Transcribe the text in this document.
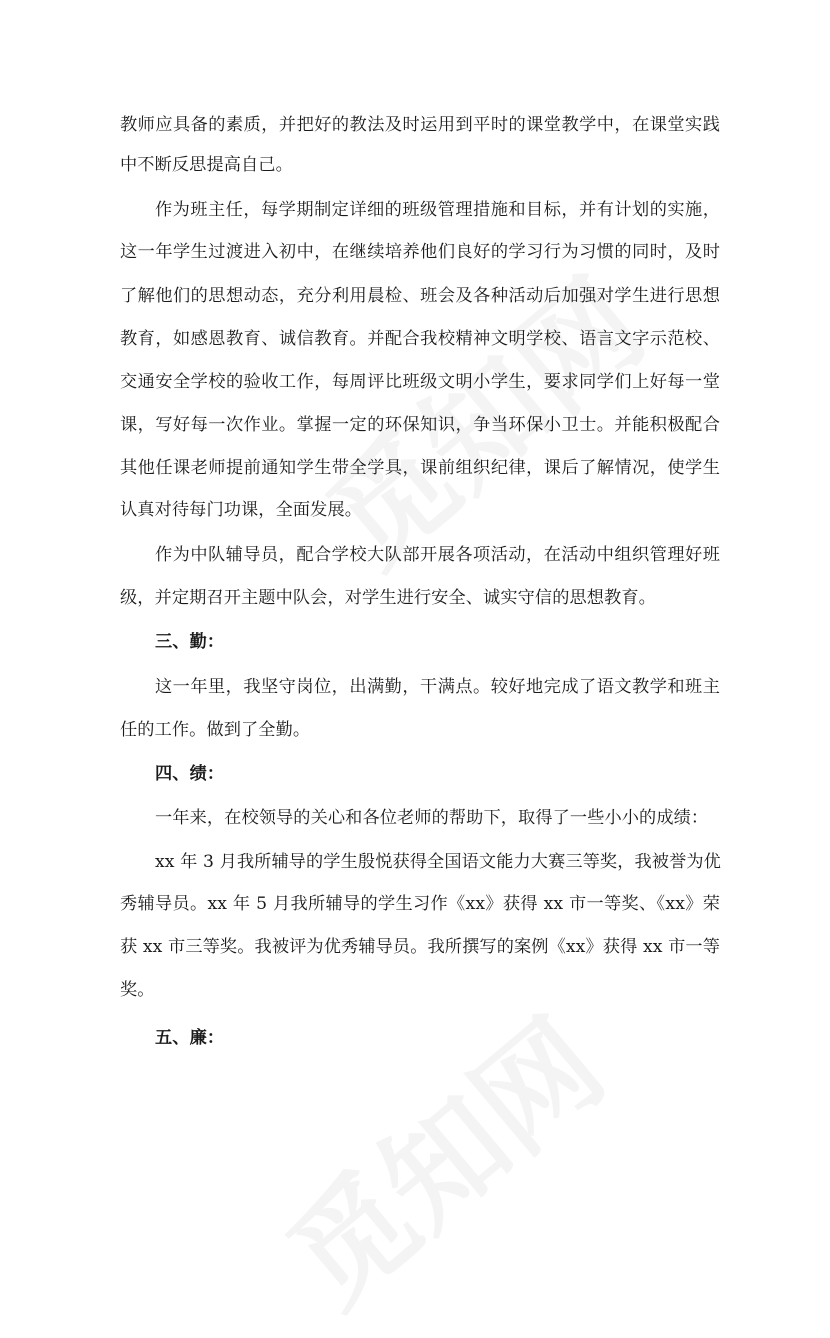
教师应具备的素质，并把好的教法及时运用到平时的课堂教学中，在课堂实践
中不断反思提高自己。
作为班主任，每学期制定详细的班级管理措施和目标，并有计划的实施，
这一年学生过渡进入初中，在继续培养他们良好的学习行为习惯的同时，及时
了解他们的思想动态，充分利用晨检、班会及各种活动后加强对学生进行思想
教育，如感恩教育、诚信教育。并配合我校精神文明学校、语言文字示范校、
交通安全学校的验收工作，每周评比班级文明小学生，要求同学们上好每一堂
课，写好每一次作业。掌握一定的环保知识，争当环保小卫士。并能积极配合
其他任课老师提前通知学生带全学具，课前组织纪律，课后了解情况，使学生
认真对待每门功课，全面发展。
作为中队辅导员，配合学校大队部开展各项活动，在活动中组织管理好班
级，并定期召开主题中队会，对学生进行安全、诚实守信的思想教育。
三、勤：
这一年里，我坚守岗位，出满勤，干满点。较好地完成了语文教学和班主
任的工作。做到了全勤。
四、绩：
一年来，在校领导的关心和各位老师的帮助下，取得了一些小小的成绩：
xx 年 3 月我所辅导的学生殷悦获得全国语文能力大赛三等奖，我被誉为优
秀辅导员。xx 年 5 月我所辅导的学生习作《xx》获得 xx 市一等奖、《xx》荣
获 xx 市三等奖。我被评为优秀辅导员。我所撰写的案例《xx》获得 xx 市一等
奖。
五、廉：
